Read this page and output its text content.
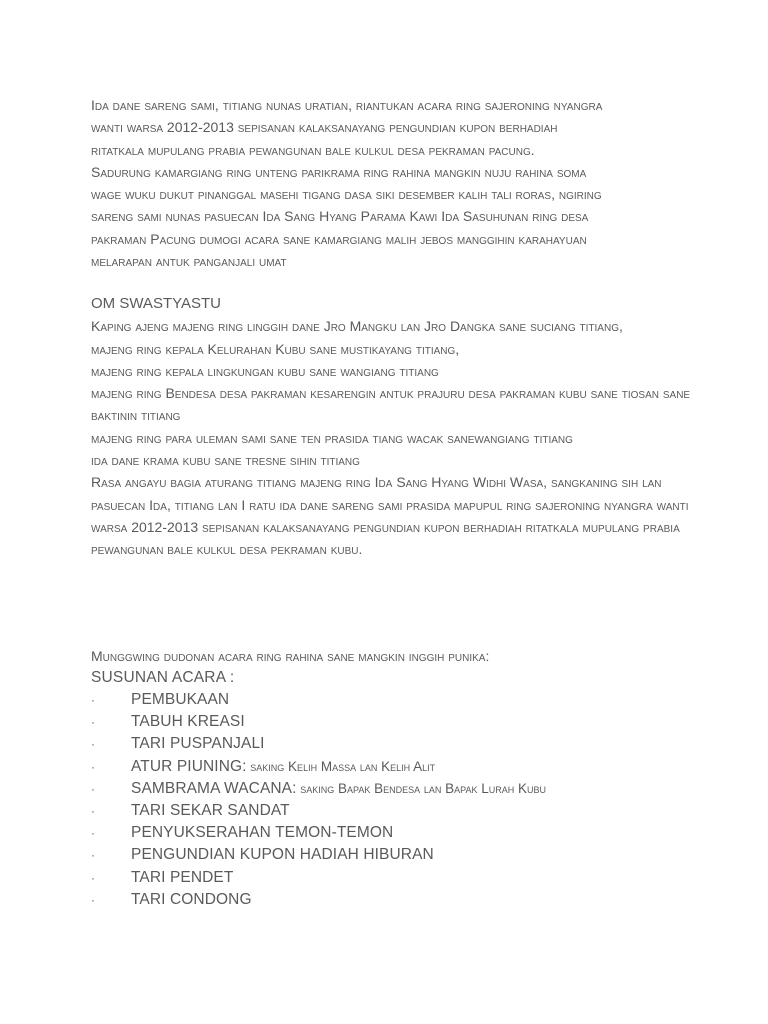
Ida dane sareng sami, titiang nunas uratian, riantukan acara ring sajeroning nyangra
wanti warsa 2012-2013 sepisanan kalaksanayang pengundian kupon berhadiah
ritatkala mupulang prabia pewangunan bale kulkul desa pekraman pacung.
Sadurung kamargiang ring unteng parikrama ring rahina mangkin nuju rahina soma
wage wuku dukut pinanggal masehi tigang dasa siki desember kalih tali roras, ngiring
sareng sami nunas pasuecan Ida Sang Hyang Parama Kawi Ida Sasuhunan ring desa
pakraman Pacung dumogi acara sane kamargiang malih jebos manggihin karahayuan
melarapan antuk panganjali umat
OM SWASTYASTU
Kaping ajeng majeng ring linggih dane Jro Mangku lan Jro Dangka sane suciang titiang,
majeng ring kepala Kelurahan Kubu sane mustikayang titiang,
majeng ring kepala lingkungan kubu sane wangiang titiang
majeng ring Bendesa desa pakraman kesarengin antuk prajuru desa pakraman kubu sane tiosan sane baktinin titiang
majeng ring para uleman sami sane ten prasida tiang wacak sanewangiang titiang
ida dane krama kubu sane tresne sihin titiang
Rasa angayu bagia aturang titiang majeng ring Ida Sang Hyang Widhi Wasa, sangkaning sih lan pasuecan Ida, titiang lan I ratu ida dane sareng sami prasida mapupul ring sajeroning nyangra wanti warsa 2012-2013 sepisanan kalaksanayang pengundian kupon berhadiah ritatkala mupulang prabia pewangunan bale kulkul desa pekraman kubu.
Munggwing dudonan acara ring rahina sane mangkin inggih punika:
SUSUNAN ACARA :
· PEMBUKAAN
· TABUH KREASI
· TARI PUSPANJALI
· ATUR PIUNING: saking Kelih Massa lan Kelih Alit
· SAMBRAMA WACANA: saking Bapak Bendesa lan Bapak Lurah Kubu
· TARI SEKAR SANDAT
· PENYUKSERAHAN TEMON-TEMON
· PENGUNDIAN KUPON HADIAH HIBURAN
· TARI PENDET
· TARI CONDONG
